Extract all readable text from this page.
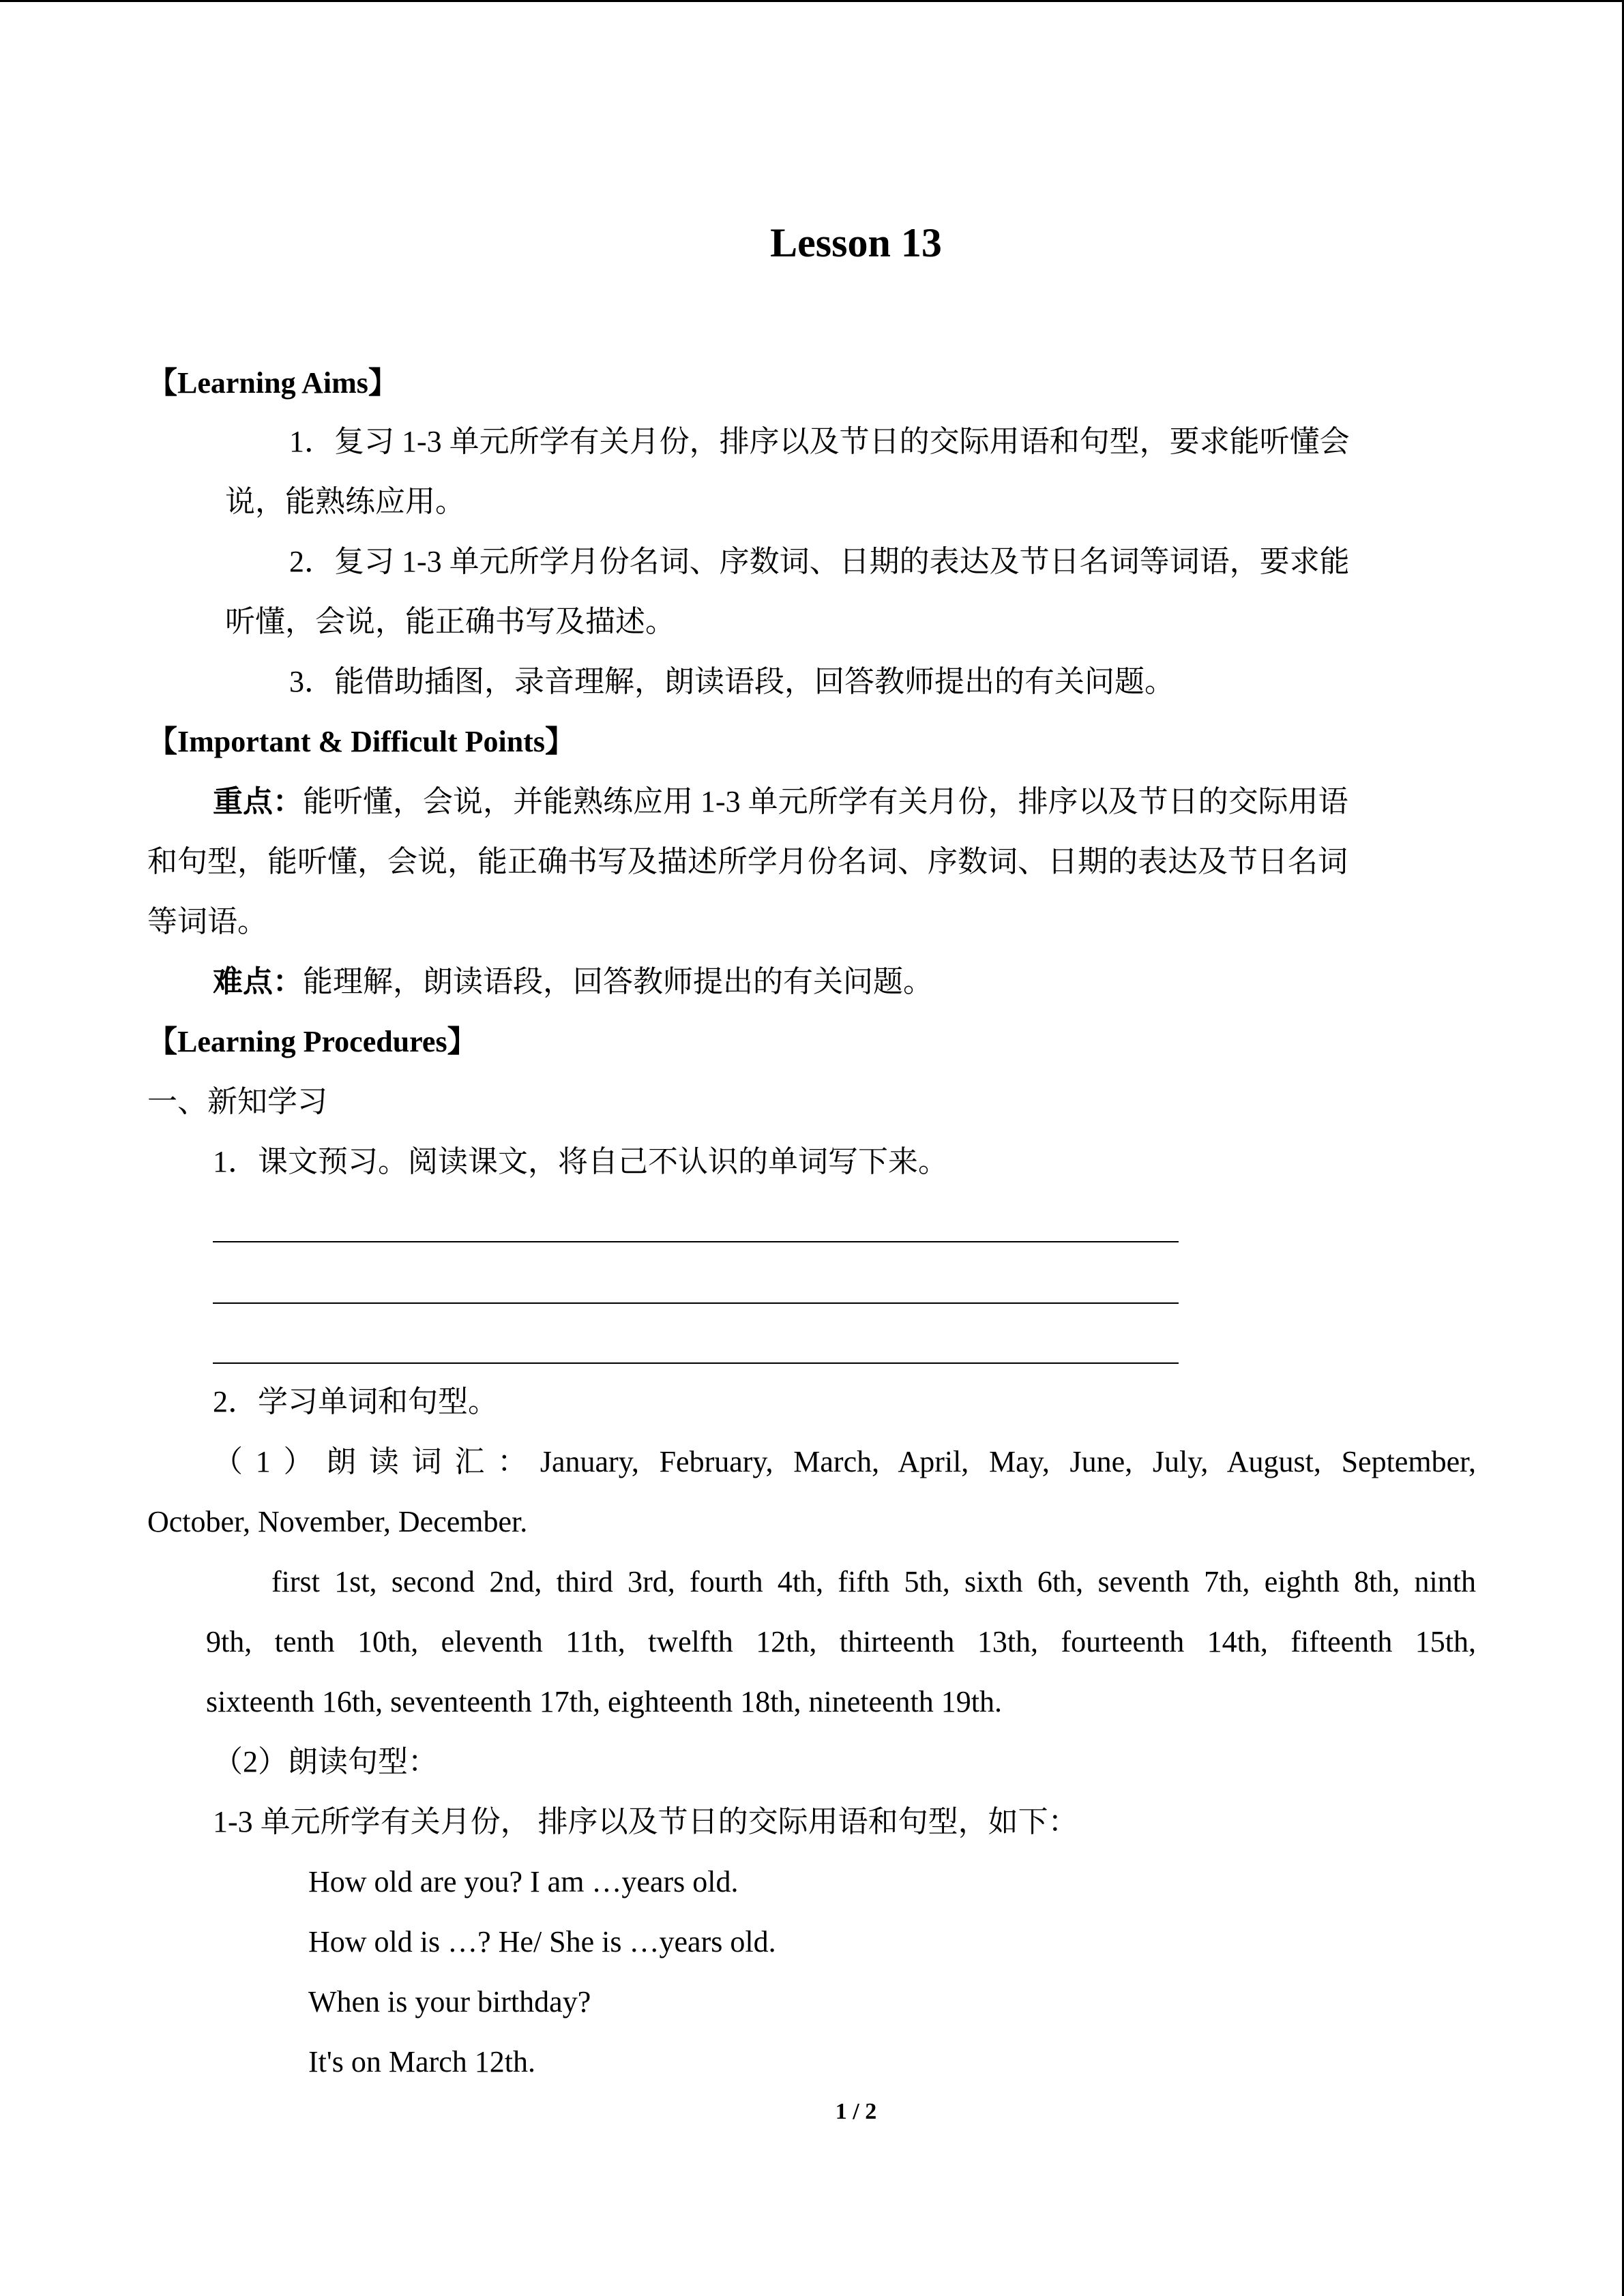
Lesson 13
【Learning Aims】
1．复习 1-3 单元所学有关月份，排序以及节日的交际用语和句型，要求能听懂会
说，能熟练应用。
2．复习 1-3 单元所学月份名词、序数词、日期的表达及节日名词等词语，要求能
听懂，会说，能正确书写及描述。
3．能借助插图，录音理解，朗读语段，回答教师提出的有关问题。
【Important & Difficult Points】
重点：能听懂，会说，并能熟练应用 1-3 单元所学有关月份，排序以及节日的交际用语
和句型，能听懂，会说，能正确书写及描述所学月份名词、序数词、日期的表达及节日名词
等词语。
难点：能理解，朗读语段，回答教师提出的有关问题。
【Learning Procedures】
一、新知学习
1．课文预习。阅读课文，将自己不认识的单词写下来。
2．学习单词和句型。
（1）朗读词汇：January, February, March, April, May, June, July, August, September,
October, November, December.
first 1st, second 2nd, third 3rd, fourth 4th, fifth 5th, sixth 6th, seventh 7th, eighth 8th, ninth
9th, tenth 10th, eleventh 11th, twelfth 12th, thirteenth 13th, fourteenth 14th, fifteenth 15th,
sixteenth 16th, seventeenth 17th, eighteenth 18th, nineteenth 19th.
（2）朗读句型：
1-3 单元所学有关月份， 排序以及节日的交际用语和句型，如下：
How old are you? I am …years old.
How old is …? He/ She is …years old.
When is your birthday?
It's on March 12th.
1 / 2
